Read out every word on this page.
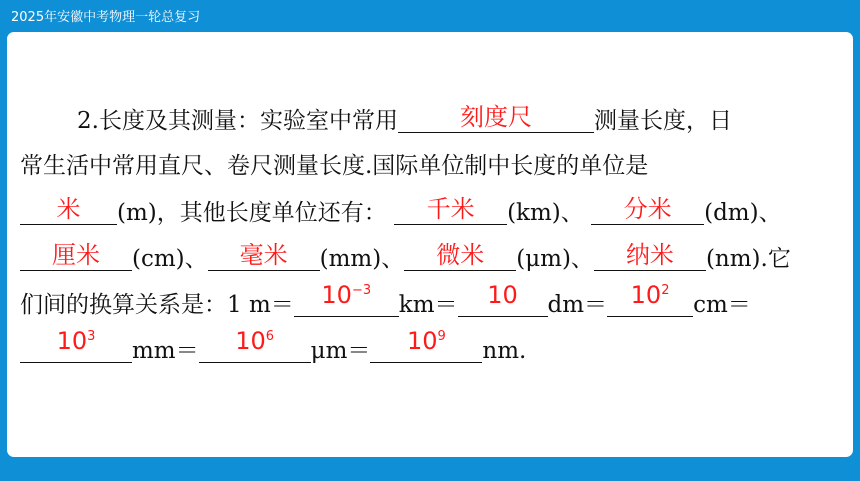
2025年安徽中考物理一轮总复习
2.长度及其测量：实验室中常用	刻度尺	测量长度，日
常生活中常用直尺、卷尺测量长度.国际单位制中长度的单位是
米	(m)，其他长度单位还有：	千米	(km)、	分米	(dm)、
厘米	(cm)、	毫米	(mm)、	微米	(μm)、	纳米	(nm).它
们间的换算关系是：1 m＝	$10^{-3}$
km＝	10	$dm= 10^2$
cm＝
$10^3$
mm＝	$10^6$
μm＝	$10^9$
nm.
